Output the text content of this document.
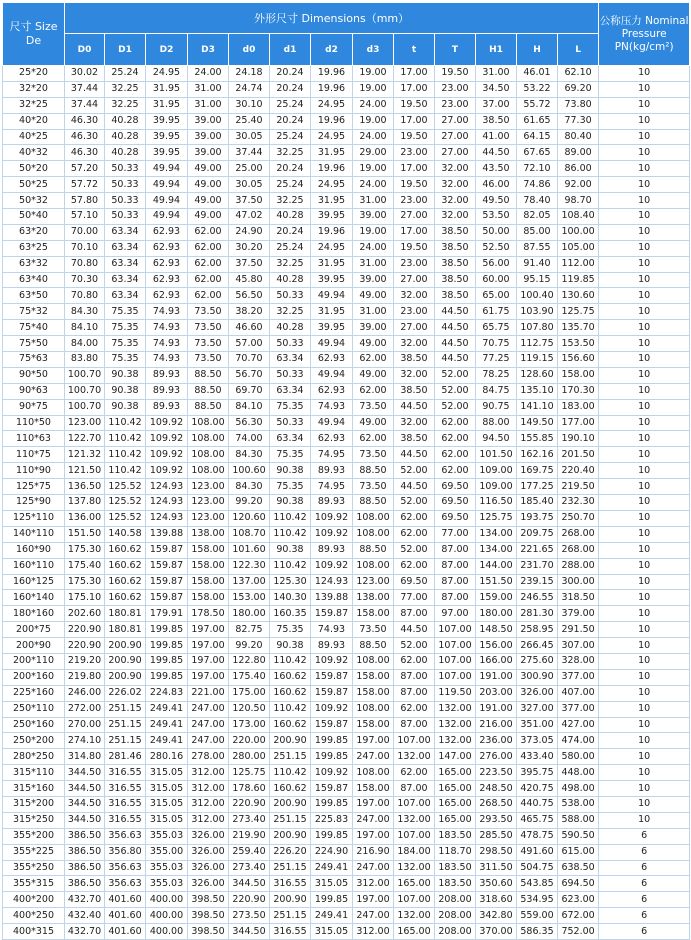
尺寸 Size De	外形尺寸 Dimensions（mm）													公称压力 Nominal Pressure PN(kg/cm²)
	D0	D1	D2	D3	d0	d1	d2	d3	t	T	H1	H	L	
25*20	30.02	25.24	24.95	24.00	24.18	20.24	19.96	19.00	17.00	19.50	31.00	46.01	62.10	10
32*20	37.44	32.25	31.95	31.00	24.74	20.24	19.96	19.00	17.00	23.00	34.50	53.22	69.20	10
32*25	37.44	32.25	31.95	31.00	30.10	25.24	24.95	24.00	19.50	23.00	37.00	55.72	73.80	10
40*20	46.30	40.28	39.95	39.00	25.40	20.24	19.96	19.00	17.00	27.00	38.50	61.65	77.30	10
40*25	46.30	40.28	39.95	39.00	30.05	25.24	24.95	24.00	19.50	27.00	41.00	64.15	80.40	10
40*32	46.30	40.28	39.95	39.00	37.44	32.25	31.95	29.00	23.00	27.00	44.50	67.65	89.00	10
50*20	57.20	50.33	49.94	49.00	25.00	20.24	19.96	19.00	17.00	32.00	43.50	72.10	86.00	10
50*25	57.72	50.33	49.94	49.00	30.05	25.24	24.95	24.00	19.50	32.00	46.00	74.86	92.00	10
50*32	57.80	50.33	49.94	49.00	37.50	32.25	31.95	31.00	23.00	32.00	49.50	78.40	98.70	10
50*40	57.10	50.33	49.94	49.00	47.02	40.28	39.95	39.00	27.00	32.00	53.50	82.05	108.40	10
63*20	70.00	63.34	62.93	62.00	24.90	20.24	19.96	19.00	17.00	38.50	50.00	85.00	100.00	10
63*25	70.10	63.34	62.93	62.00	30.20	25.24	24.95	24.00	19.50	38.50	52.50	87.55	105.00	10
63*32	70.80	63.34	62.93	62.00	37.50	32.25	31.95	31.00	23.00	38.50	56.00	91.40	112.00	10
63*40	70.30	63.34	62.93	62.00	45.80	40.28	39.95	39.00	27.00	38.50	60.00	95.15	119.85	10
63*50	70.80	63.34	62.93	62.00	56.50	50.33	49.94	49.00	32.00	38.50	65.00	100.40	130.60	10
75*32	84.30	75.35	74.93	73.50	38.20	32.25	31.95	31.00	23.00	44.50	61.75	103.90	125.75	10
75*40	84.10	75.35	74.93	73.50	46.60	40.28	39.95	39.00	27.00	44.50	65.75	107.80	135.70	10
75*50	84.00	75.35	74.93	73.50	57.00	50.33	49.94	49.00	32.00	44.50	70.75	112.75	153.50	10
75*63	83.80	75.35	74.93	73.50	70.70	63.34	62.93	62.00	38.50	44.50	77.25	119.15	156.60	10
90*50	100.70	90.38	89.93	88.50	56.70	50.33	49.94	49.00	32.00	52.00	78.25	128.60	158.00	10
90*63	100.70	90.38	89.93	88.50	69.70	63.34	62.93	62.00	38.50	52.00	84.75	135.10	170.30	10
90*75	100.70	90.38	89.93	88.50	84.10	75.35	74.93	73.50	44.50	52.00	90.75	141.10	183.00	10
110*50	123.00	110.42	109.92	108.00	56.30	50.33	49.94	49.00	32.00	62.00	88.00	149.50	177.00	10
110*63	122.70	110.42	109.92	108.00	74.00	63.34	62.93	62.00	38.50	62.00	94.50	155.85	190.10	10
110*75	121.32	110.42	109.92	108.00	84.30	75.35	74.95	73.50	44.50	62.00	101.50	162.16	201.50	10
110*90	121.50	110.42	109.92	108.00	100.60	90.38	89.93	88.50	52.00	62.00	109.00	169.75	220.40	10
125*75	136.50	125.52	124.93	123.00	84.30	75.35	74.95	73.50	44.50	69.50	109.00	177.25	219.50	10
125*90	137.80	125.52	124.93	123.00	99.20	90.38	89.93	88.50	52.00	69.50	116.50	185.40	232.30	10
125*110	136.00	125.52	124.93	123.00	120.60	110.42	109.92	108.00	62.00	69.50	125.75	193.75	250.70	10
140*110	151.50	140.58	139.88	138.00	108.70	110.42	109.92	108.00	62.00	77.00	134.00	209.75	268.00	10
160*90	175.30	160.62	159.87	158.00	101.60	90.38	89.93	88.50	52.00	87.00	134.00	221.65	268.00	10
160*110	175.40	160.62	159.87	158.00	122.30	110.42	109.92	108.00	62.00	87.00	144.00	231.70	288.00	10
160*125	175.30	160.62	159.87	158.00	137.00	125.30	124.93	123.00	69.50	87.00	151.50	239.15	300.00	10
160*140	175.10	160.62	159.87	158.00	153.00	140.30	139.88	138.00	77.00	87.00	159.00	246.55	318.50	10
180*160	202.60	180.81	179.91	178.50	180.00	160.35	159.87	158.00	87.00	97.00	180.00	281.30	379.00	10
200*75	220.90	180.81	199.85	197.00	82.75	75.35	74.93	73.50	44.50	107.00	148.50	258.95	291.50	10
200*90	220.90	200.90	199.85	197.00	99.20	90.38	89.93	88.50	52.00	107.00	156.00	266.45	307.00	10
200*110	219.20	200.90	199.85	197.00	122.80	110.42	109.92	108.00	62.00	107.00	166.00	275.60	328.00	10
200*160	219.80	200.90	199.85	197.00	175.40	160.62	159.87	158.00	87.00	107.00	191.00	300.90	377.00	10
225*160	246.00	226.02	224.83	221.00	175.00	160.62	159.87	158.00	87.00	119.50	203.00	326.00	407.00	10
250*110	272.00	251.15	249.41	247.00	120.50	110.42	109.92	108.00	62.00	132.00	191.00	327.00	377.00	10
250*160	270.00	251.15	249.41	247.00	173.00	160.62	159.87	158.00	87.00	132.00	216.00	351.00	427.00	10
250*200	274.10	251.15	249.41	247.00	220.00	200.90	199.85	197.00	107.00	132.00	236.00	373.05	474.00	10
280*250	314.80	281.46	280.16	278.00	280.00	251.15	199.85	247.00	132.00	147.00	276.00	433.40	580.00	10
315*110	344.50	316.55	315.05	312.00	125.75	110.42	109.92	108.00	62.00	165.00	223.50	395.75	448.00	10
315*160	344.50	316.55	315.05	312.00	178.60	160.62	159.87	158.00	87.00	165.00	248.50	420.75	498.00	10
315*200	344.50	316.55	315.05	312.00	220.90	200.90	199.85	197.00	107.00	165.00	268.50	440.75	538.00	10
315*250	344.50	316.55	315.05	312.00	273.40	251.15	225.83	247.00	132.00	165.00	293.50	465.75	588.00	10
355*200	386.50	356.63	355.03	326.00	219.90	200.90	199.85	197.00	107.00	183.50	285.50	478.75	590.50	6
355*225	386.50	356.80	355.00	326.00	259.40	226.20	224.90	216.90	184.00	118.70	298.50	491.60	615.00	6
355*250	386.50	356.63	355.03	326.00	273.40	251.15	249.41	247.00	132.00	183.50	311.50	504.75	638.50	6
355*315	386.50	356.63	355.03	326.00	344.50	316.55	315.05	312.00	165.00	183.50	350.60	543.85	694.50	6
400*200	432.70	401.60	400.00	398.50	220.90	200.90	199.85	197.00	107.00	208.00	318.60	534.95	623.00	6
400*250	432.40	401.60	400.00	398.50	273.50	251.15	249.41	247.00	132.00	208.00	342.80	559.00	672.00	6
400*315	432.70	401.60	400.00	398.50	344.50	316.55	315.05	312.00	165.00	208.00	370.00	586.35	752.00	6
